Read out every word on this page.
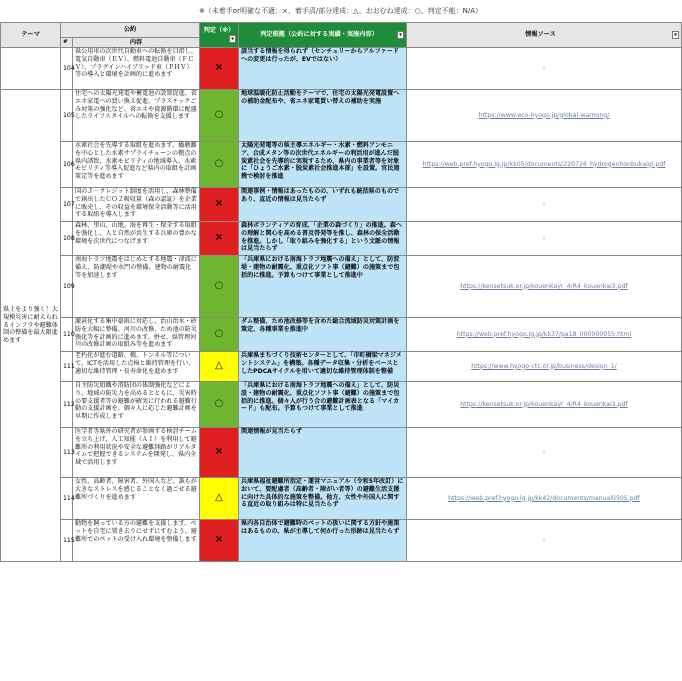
※（未着手or明確な不適：×、着手済/部分達成：△、おおむね達成：○、判定不能：N/A）
テーマ	公約		判定（※）
▼	判定根拠（公約に対する実績・実施内容） ▼	情報ソース ▼

	#	内容			
	104	県公用車の次世代自動車への転換を目指し、電気自動車（ＥＶ）、燃料電池自動車（ＦＣＶ）、プラグインハイブリッド車（ＰＨＶ）等の導入と環境を計画的に進めます	×	該当する情報を得られず（センチュリーからアルファードへの変更は行ったが、EVではない）	-
県土をより強く！大規模災害に耐えられるインフラや避難体制の整備を最大限進めます	105	住宅への太陽光発電や蓄電池の設置促進、省エネ家電への買い換え促進、プラスチックごみ対策の強化など、省エネや資源循環に配慮したライフスタイルへの転換を支援します	○	地球温暖化防止活動をテーマで、住宅の太陽光発電設置への補助金配布や、省エネ家電買い替えの補助を実施	https://www.eco-hyogo.jp/global-warming/
	106	水素社会を先導する取組を進めます。播磨灘を中心とした水素サプライチェーンの拠点の県内誘致、水素モビリティの地域導入、水素モビリティ等導入促進など県内の取組を計画策定等を進めます	○	太陽光発電等の県主導エネルギー・水素・燃料アンモニア、合成メタン等の次世代エネルギーの利活用が進んだ脱炭素社会を先導的に実現するため、県内の事業者等を対象に「ひょうご水素・脱炭素社会推進本部」を設置。官民連携で検討を推進	https://web.pref.hyogo.lg.jp/kk05/documents/220726_hydrogenhonbukaigi.pdf
	107	国のＪ－クレジット制度を活用し、森林整備で創出したＣＯ２吸収量（森の認証）を企業に販売し、その収益を環境保全活動等に活用する取組を導入します	×	関連事例・情報はあったものの、いずれも統括県のものであり、直近の情報は見当たらず	-
	108	森林、里山、山地、海を再生・保全する取組を強化し、人と自然が共生する兵庫の豊かな環境を次世代につなげます	×	森林ボランティアの育成、「企業の森づくり」の推進。森への理解と関心を高める普及啓発等を推し、森林の保全活動を推進。しかし「取り組みを強化する」という文脈の情報は見当たらず	-
	109	南海トラフ地震をはじめとする地震・津波に備え、防潮堤や水門の整備、建物の耐震化等を加速します	○	「兵庫県における南海トラフ地震への備え」として、防波堤・建物の耐震化、重点化ソフト事（避難）の施策まで包括的に推進。予算もつけて事業として推進中	https://kensetsuk.or.jp/kouenkai/r_4/R4_kouenkai3.pdf
	110	激甚化する集中豪雨に対応し、治山治水・砂防を大幅に整備、河川の改修、ため池の防災強化等を計画的に進めます。併せ、県管理河川の改修計画の取組み等を進めます	○	ダム整備、ため池改修等を含めた総合流域防災対策計画を策定、各種事業を推進中	https://web.pref.hyogo.lg.jp/kk37/pa18_000000055.html
	111	老朽化が進む道路、橋、トンネル等について、ICTを活用した点検と維持管理を行い、適切な維持管理・長寿命化を進めます	△	兵庫県まちづくり技術センターとして、「市町橋梁マネジメントシステム」を構築。各種データ収集・分析をベースとしたPDCAサイクルを用いて適切な維持管理体制を整備	https://www.hyogo-ctc.or.jp/business/design_1/
	112	自主防災組織や消防団の体制強化などにより、地域の防災力を高めるとともに、災害時の要支援者等の避難が確実に行われる避難行動の支援計画を、個々人に応じた避難計画を早期に作成します	○	「兵庫県における南海トラフ地震への備え」として、防災設・建物の耐震化、重点化ソフト事（避難）の施策まで包括的に推進。個々人が行う合の避難計画表となる「マイカード」も配布。予算もつけて事業として推進	https://kensetsuk.or.jp/kouenkai/r_4/R4_kouenkai3.pdf
	113	医学者等県外の研究者が参画する検討チームを立ち上げ、人工知能（ＡＩ）を利用して避難所の利用状況や安全な避難経路がリアルタイムで把握できるシステムを開発し、県内全域で活用します	×	関連情報が見当たらず	-
	114	女性、高齢者、障害者、外国人など、誰もが大きなストレスを感じることなく過ごせる避難所づくりを進めます	△	兵庫県福祉避難所指定・運営マニュアル（令和5年改訂）において、要配慮者（高齢者・障がい者等）の避難生活支援に向けた具体的な施策を整備。他方、女性や外国人に関する直近の取り組みは特に見当たらず	https://web.pref.hyogo.lg.jp/kk42/documents/manual0505.pdf
	115	動物を飼っている方の避難を支援します。ペットを自宅に置き去りにせずにすむよう、避難所でのペットの受け入れ環境を整備します	×	県内各自治体で避難時のペットの扱いに関する方針や施策はあるものの、県が主導して何か行った形跡は見当たらず	-
